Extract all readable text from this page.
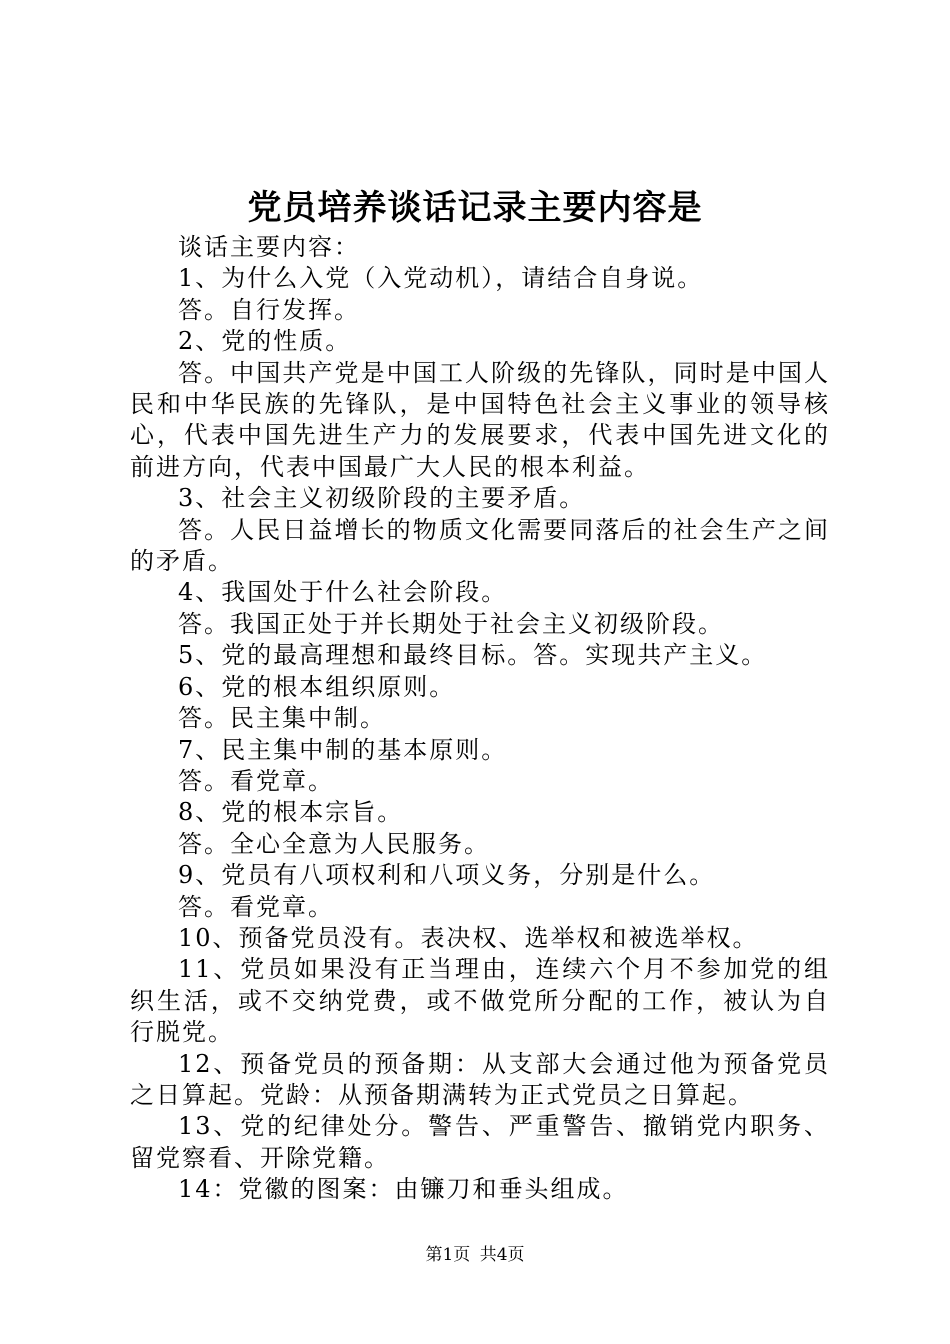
党员培养谈话记录主要内容是

谈话主要内容：

1、为什么入党（入党动机），请结合自身说。

答。自行发挥。

2、党的性质。

答。中国共产党是中国工人阶级的先锋队，同时是中国人民和中华民族的先锋队，是中国特色社会主义事业的领导核心，代表中国先进生产力的发展要求，代表中国先进文化的前进方向，代表中国最广大人民的根本利益。

3、社会主义初级阶段的主要矛盾。

答。人民日益增长的物质文化需要同落后的社会生产之间的矛盾。

4、我国处于什么社会阶段。

答。我国正处于并长期处于社会主义初级阶段。

5、党的最高理想和最终目标。答。实现共产主义。

6、党的根本组织原则。

答。民主集中制。

7、民主集中制的基本原则。

答。看党章。

8、党的根本宗旨。

答。全心全意为人民服务。

9、党员有八项权利和八项义务，分别是什么。

答。看党章。

10、预备党员没有。表决权、选举权和被选举权。

11、党员如果没有正当理由，连续六个月不参加党的组织生活，或不交纳党费，或不做党所分配的工作，被认为自行脱党。

12、预备党员的预备期：从支部大会通过他为预备党员之日算起。党龄：从预备期满转为正式党员之日算起。

13、党的纪律处分。警告、严重警告、撤销党内职务、留党察看、开除党籍。

14：党徽的图案：由镰刀和垂头组成。

第1页 共4页
